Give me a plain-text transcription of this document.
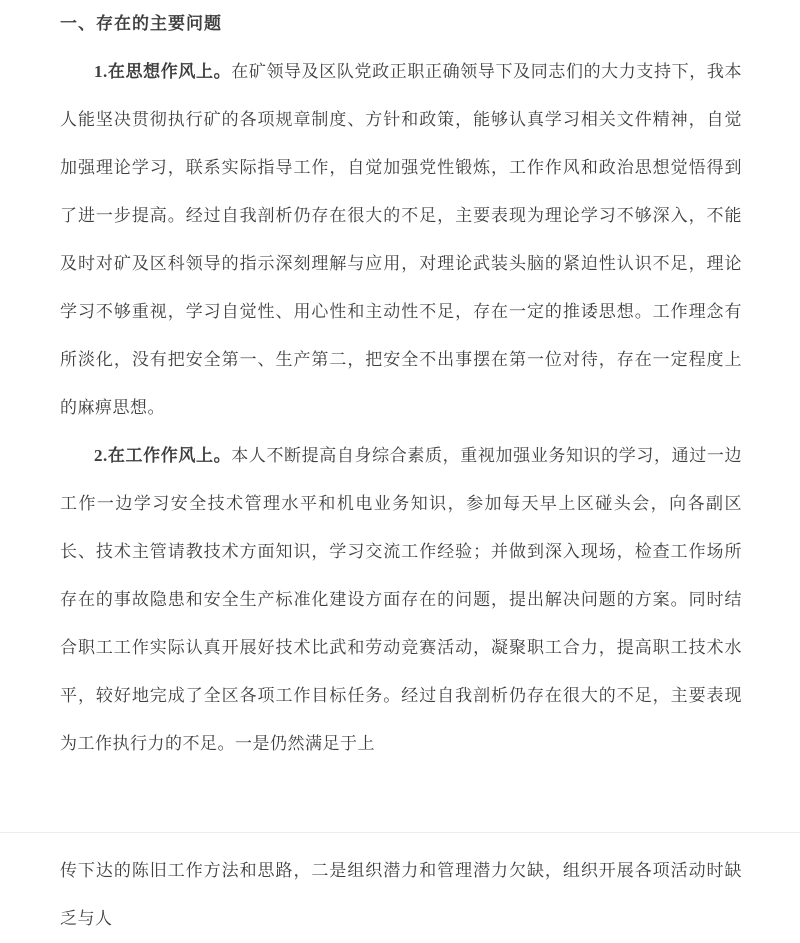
一、存在的主要问题

1.在思想作风上。在矿领导及区队党政正职正确领导下及同志们的大力支持下，我本人能坚决贯彻执行矿的各项规章制度、方针和政策，能够认真学习相关文件精神，自觉加强理论学习，联系实际指导工作，自觉加强党性锻炼，工作作风和政治思想觉悟得到了进一步提高。经过自我剖析仍存在很大的不足，主要表现为理论学习不够深入，不能及时对矿及区科领导的指示深刻理解与应用，对理论武装头脑的紧迫性认识不足，理论学习不够重视，学习自觉性、用心性和主动性不足，存在一定的推诿思想。工作理念有所淡化，没有把安全第一、生产第二，把安全不出事摆在第一位对待，存在一定程度上的麻痹思想。

2.在工作作风上。本人不断提高自身综合素质，重视加强业务知识的学习，通过一边工作一边学习安全技术管理水平和机电业务知识，参加每天早上区碰头会，向各副区长、技术主管请教技术方面知识，学习交流工作经验；并做到深入现场，检查工作场所存在的事故隐患和安全生产标准化建设方面存在的问题，提出解决问题的方案。同时结合职工工作实际认真开展好技术比武和劳动竞赛活动，凝聚职工合力，提高职工技术水平，较好地完成了全区各项工作目标任务。经过自我剖析仍存在很大的不足，主要表现为工作执行力的不足。一是仍然满足于上

传下达的陈旧工作方法和思路，二是组织潜力和管理潜力欠缺，组织开展各项活动时缺乏与人
